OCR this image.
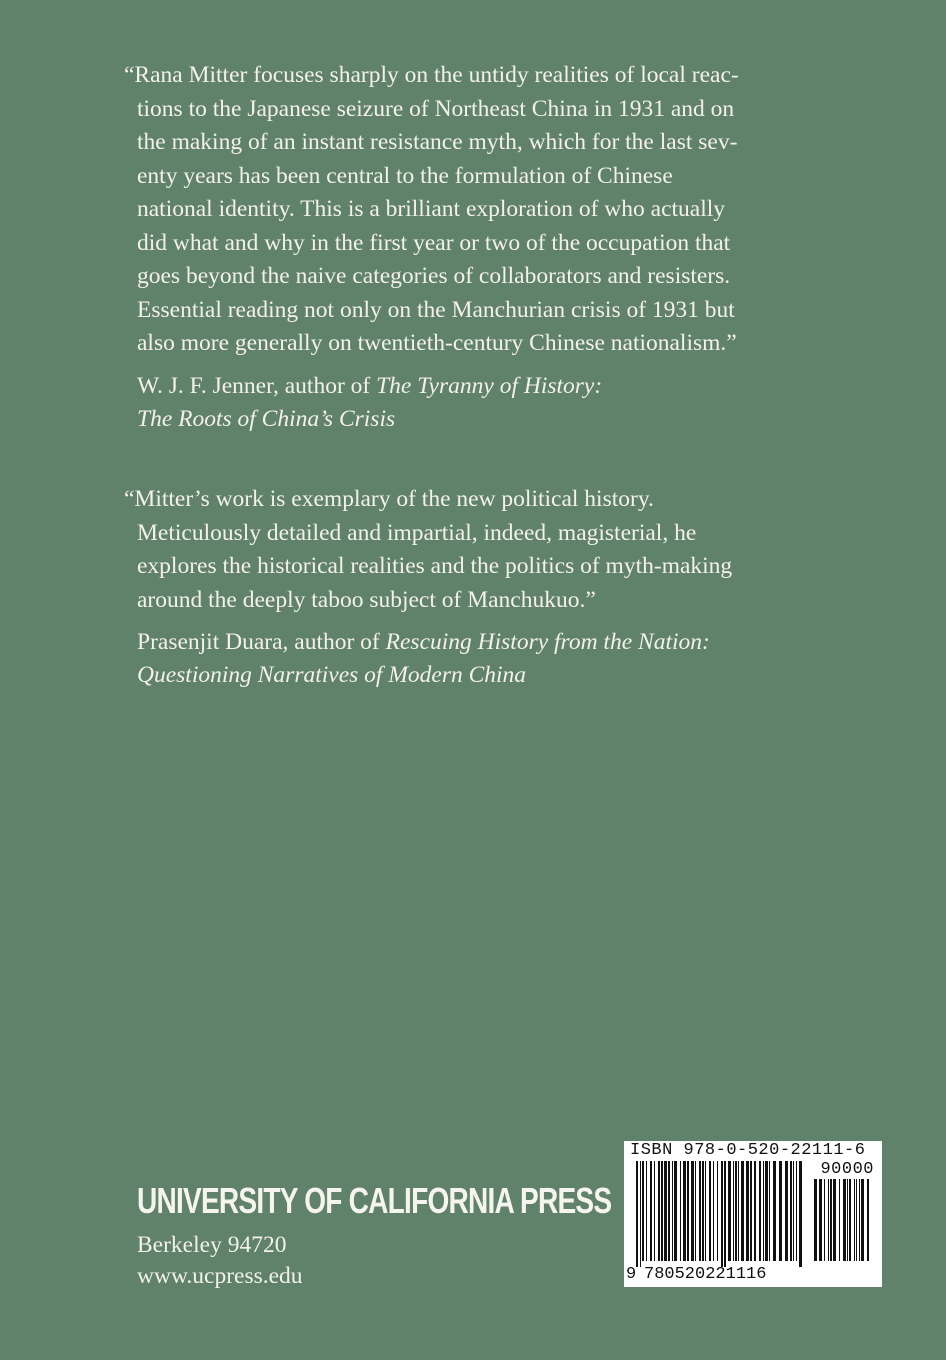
“Rana Mitter focuses sharply on the untidy realities of local reac-
tions to the Japanese seizure of Northeast China in 1931 and on
the making of an instant resistance myth, which for the last sev-
enty years has been central to the formulation of Chinese
national identity. This is a brilliant exploration of who actually
did what and why in the first year or two of the occupation that
goes beyond the naive categories of collaborators and resisters.
Essential reading not only on the Manchurian crisis of 1931 but
also more generally on twentieth-century Chinese nationalism.”

W. J. F. Jenner, author of The Tyranny of History:
The Roots of China’s Crisis

“Mitter’s work is exemplary of the new political history.
Meticulously detailed and impartial, indeed, magisterial, he
explores the historical realities and the politics of myth-making
around the deeply taboo subject of Manchukuo.”

Prasenjit Duara, author of Rescuing History from the Nation:
Questioning Narratives of Modern China
UNIVERSITY OF CALIFORNIA PRESS
Berkeley 94720
www.ucpress.edu
ISBN 978-0-520-22111-6
90000
9 780520221116
